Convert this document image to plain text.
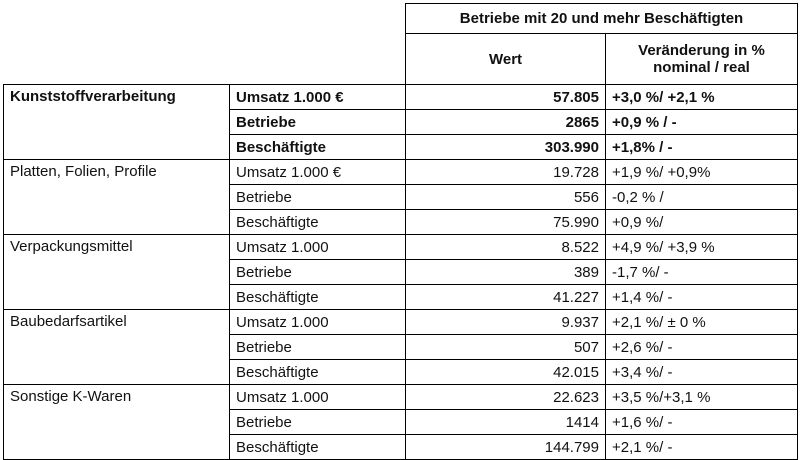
		Betriebe mit 20 und mehr Beschäftigten	
		Wert	Veränderung in %
nominal / real

Kunststoffverarbeitung	Umsatz 1.000 €	57.805	+3,0 %/ +2,1 %
	Betriebe	2865	+0,9 % / -
	Beschäftigte	303.990	+1,8% / -
Platten, Folien, Profile	Umsatz 1.000 €	19.728	+1,9 %/ +0,9%
	Betriebe	556	-0,2 % /
	Beschäftigte	75.990	+0,9 %/
Verpackungsmittel	Umsatz 1.000	8.522	+4,9 %/ +3,9 %
	Betriebe	389	-1,7 %/ -
	Beschäftigte	41.227	+1,4 %/ -
Baubedarfsartikel	Umsatz 1.000	9.937	+2,1 %/ ± 0 %
	Betriebe	507	+2,6 %/ -
	Beschäftigte	42.015	+3,4 %/ -
Sonstige K-Waren	Umsatz 1.000	22.623	+3,5 %/+3,1 %
	Betriebe	1414	+1,6 %/ -
	Beschäftigte	144.799	+2,1 %/ -
